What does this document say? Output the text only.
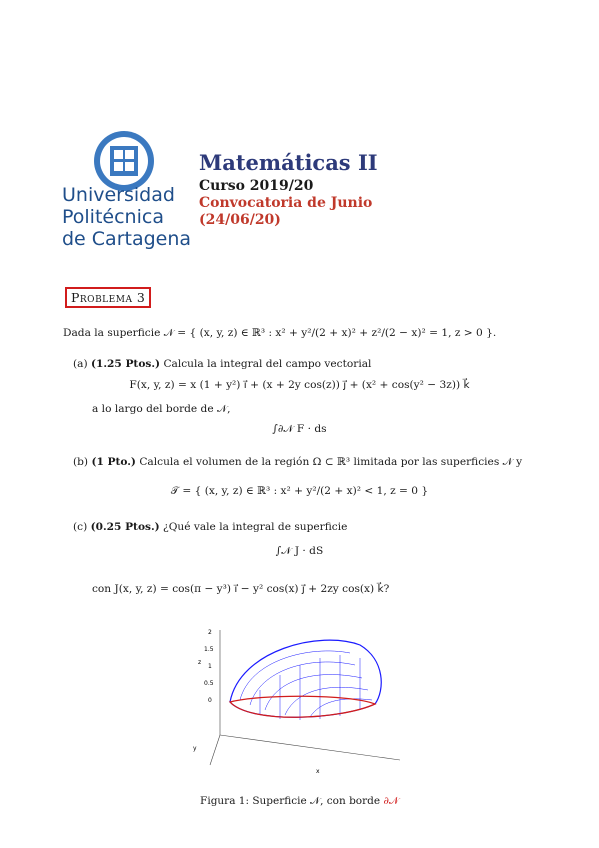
Universidad
Politécnica
de Cartagena
Matemáticas II
Curso 2019/20
Convocatoria de Junio
(24/06/20)
Problema 3
Dada la superficie 𝒩 = { (x, y, z) ∈ ℝ³ : x² + y²/(2 + x)² + z²/(2 − x)² = 1, z > 0 }.
(a) (1.25 Ptos.) Calcula la integral del campo vectorial
F(x, y, z) = x (1 + y²) i⃗ + (x + 2y cos(z)) j⃗ + (x² + cos(y² − 3z)) k⃗
a lo largo del borde de 𝒩,
∫∂𝒩 F · ds
(b) (1 Pto.) Calcula el volumen de la región Ω ⊂ ℝ³ limitada por las superficies 𝒩 y
𝒯 = { (x, y, z) ∈ ℝ³ : x² + y²/(2 + x)² < 1, z = 0 }
(c) (0.25 Ptos.) ¿Qué vale la integral de superficie
∫𝒩 J · dS
con J(x, y, z) = cos(π − y³) i⃗ − y² cos(x) j⃗ + 2zy cos(x) k⃗?
2
1.5
1
0.5
0
z
y
x
Figura 1: Superficie 𝒩, con borde ∂𝒩
